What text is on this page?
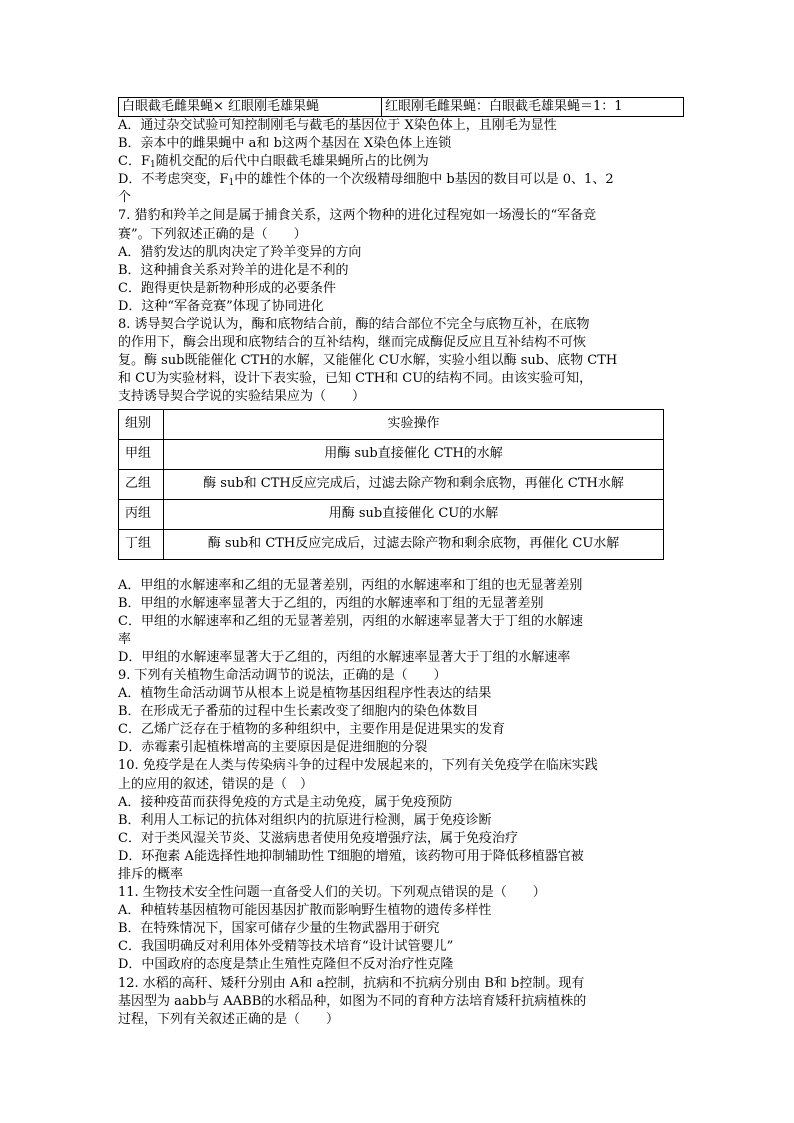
白眼截毛雌果蝇× 红眼刚毛雄果蝇	红眼刚毛雌果蝇：白眼截毛雄果蝇＝1：1
A．通过杂交试验可知控制刚毛与截毛的基因位于 X染色体上，且刚毛为显性
B．亲本中的雌果蝇中 a和 b这两个基因在 X染色体上连锁
C．$F_1$随机交配的后代中白眼截毛雄果蝇所占的比例为
D．不考虑突变，$F_1$中的雄性个体的一个次级精母细胞中 b基因的数目可以是 0、1、2
个
7. 猎豹和羚羊之间是属于捕食关系，这两个物种的进化过程宛如一场漫长的“军备竞
赛”。下列叙述正确的是（　　）
A．猎豹发达的肌肉决定了羚羊变异的方向
B．这种捕食关系对羚羊的进化是不利的
C．跑得更快是新物种形成的必要条件
D．这种“军备竞赛”体现了协同进化
8. 诱导契合学说认为，酶和底物结合前，酶的结合部位不完全与底物互补，在底物
的作用下，酶会出现和底物结合的互补结构，继而完成酶促反应且互补结构不可恢
复。酶 sub既能催化 CTH的水解，又能催化 CU水解，实验小组以酶 sub、底物 CTH
和 CU为实验材料，设计下表实验，已知 CTH和 CU的结构不同。由该实验可知，
支持诱导契合学说的实验结果应为（　　）
组别	实验操作
甲组	用酶 sub直接催化 CTH的水解
乙组	酶 sub和 CTH反应完成后，过滤去除产物和剩余底物，再催化 CTH水解
丙组	用酶 sub直接催化 CU的水解
丁组	酶 sub和 CTH反应完成后，过滤去除产物和剩余底物，再催化 CU水解
A．甲组的水解速率和乙组的无显著差别，丙组的水解速率和丁组的也无显著差别
B．甲组的水解速率显著大于乙组的，丙组的水解速率和丁组的无显著差别
C．甲组的水解速率和乙组的无显著差别，丙组的水解速率显著大于丁组的水解速
率
D．甲组的水解速率显著大于乙组的，丙组的水解速率显著大于丁组的水解速率
9. 下列有关植物生命活动调节的说法，正确的是（　　）
A．植物生命活动调节从根本上说是植物基因组程序性表达的结果
B．在形成无子番茄的过程中生长素改变了细胞内的染色体数目
C．乙烯广泛存在于植物的多种组织中，主要作用是促进果实的发育
D．赤霉素引起植株增高的主要原因是促进细胞的分裂
10. 免疫学是在人类与传染病斗争的过程中发展起来的，下列有关免疫学在临床实践
上的应用的叙述，错误的是（　）
A．接种疫苗而获得免疫的方式是主动免疫，属于免疫预防
B．利用人工标记的抗体对组织内的抗原进行检测，属于免疫诊断
C．对于类风湿关节炎、艾滋病患者使用免疫增强疗法，属于免疫治疗
D．环孢素 A能选择性地抑制辅助性 T细胞的增殖，该药物可用于降低移植器官被
排斥的概率
11. 生物技术安全性问题一直备受人们的关切。下列观点错误的是（　　）
A．种植转基因植物可能因基因扩散而影响野生植物的遗传多样性
B．在特殊情况下，国家可储存少量的生物武器用于研究
C．我国明确反对利用体外受精等技术培育“设计试管婴儿”
D．中国政府的态度是禁止生殖性克隆但不反对治疗性克隆
12. 水稻的高秆、矮秆分别由 A和 a控制，抗病和不抗病分别由 B和 b控制。现有
基因型为 aabb与 AABB的水稻品种，如图为不同的育种方法培育矮秆抗病植株的
过程，下列有关叙述正确的是（　　）
